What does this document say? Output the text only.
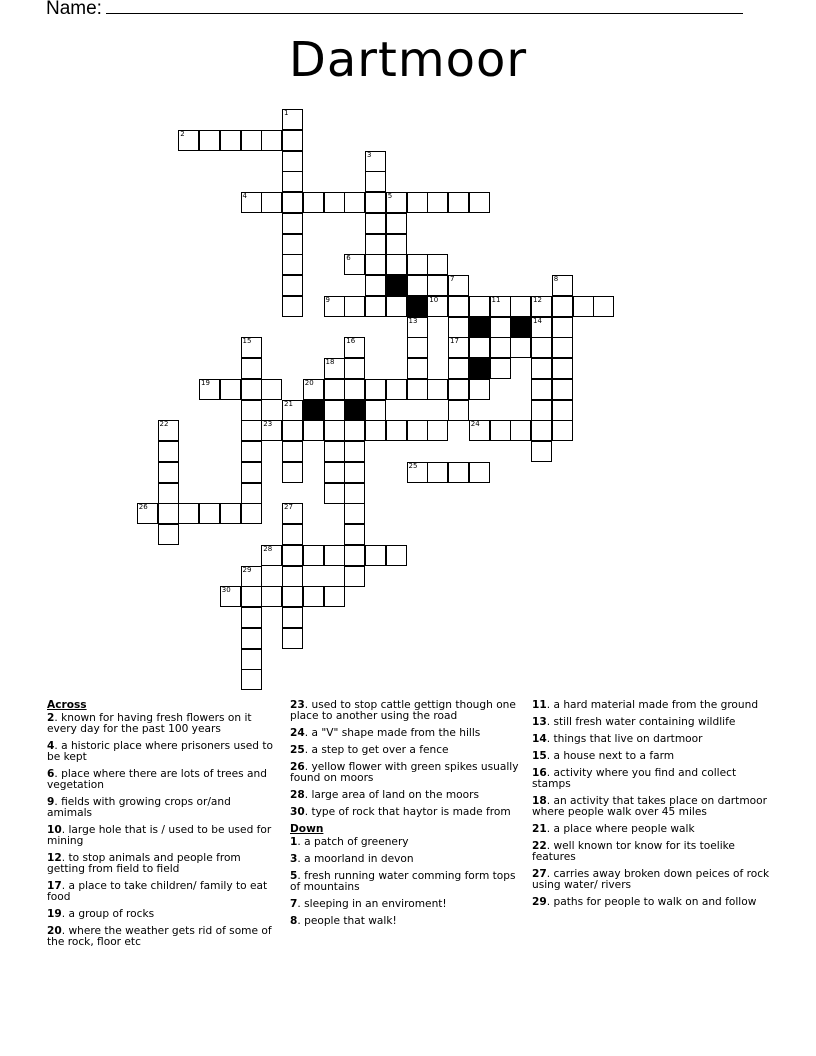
Name:
Dartmoor
1
2
3
4	5
6
7	8
9	10	11	12
13	14
15	16	17
18
19	20
21
22	23	24
25
26	27
28
29
30
Across
2. known for having fresh flowers on it every day for the past 100 years
4. a historic place where prisoners used to be kept
6. place where there are lots of trees and vegetation
9. fields with growing crops or/and amimals
10. large hole that is / used to be used for mining
12. to stop animals and people from getting from field to field
17. a place to take children/ family to eat food
19. a group of rocks
20. where the weather gets rid of some of the rock, floor etc
23. used to stop cattle gettign though one place to another using the road
24. a "V" shape made from the hills
25. a step to get over a fence
26. yellow flower with green spikes usually found on moors
28. large area of land on the moors
30. type of rock that haytor is made from
Down
1. a patch of greenery
3. a moorland in devon
5. fresh running water comming form tops of mountains
7. sleeping in an enviroment!
8. people that walk!
11. a hard material made from the ground
13. still fresh water containing wildlife
14. things that live on dartmoor
15. a house next to a farm
16. activity where you find and collect stamps
18. an activity that takes place on dartmoor where people walk over 45 miles
21. a place where people walk
22. well known tor know for its toelike features
27. carries away broken down peices of rock using water/ rivers
29. paths for people to walk on and follow
